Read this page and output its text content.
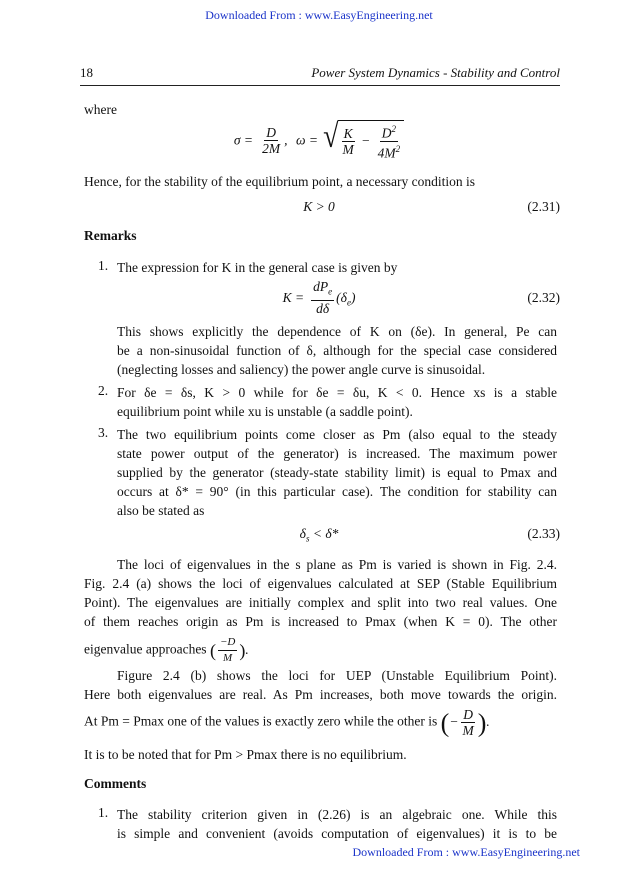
Downloaded From : www.EasyEngineering.net
18	Power System Dynamics - Stability and Control
where
$\sigma = \frac{D}{2M}$ ,  ω = √ $\frac{K}{M} - \frac{D^2}{4M^2}$
Hence, for the stability of the equilibrium point, a necessary condition is
K > 0	(2.31)
Remarks
1. The expression for K in the general case is given by
$K = \frac{dP_e}{d\delta} (\delta_e)$	(2.32)
This shows explicitly the dependence of K on (δe). In general, Pe can
be a non-sinusoidal function of δ, although for the special case considered
(neglecting losses and saliency) the power angle curve is sinusoidal.
2. For δe = δs, K > 0 while for δe = δu, K < 0. Hence xs is a stable
equilibrium point while xu is unstable (a saddle point).
3. The two equilibrium points come closer as Pm (also equal to the steady
state power output of the generator) is increased. The maximum power
supplied by the generator (steady-state stability limit) is equal to Pmax and
occurs at δ* = 90° (in this particular case). The condition for stability can
also be stated as
$\delta_s < \delta*$	(2.33)
The loci of eigenvalues in the s plane as Pm is varied is shown in Fig. 2.4.
Fig. 2.4 (a) shows the loci of eigenvalues calculated at SEP (Stable Equilibrium
Point). The eigenvalues are initially complex and split into two real values. One
of them reaches origin as Pm is increased to Pmax (when K = 0). The other
eigenvalue approaches ( $\frac{-D}{M}$ ).
Figure 2.4 (b) shows the loci for UEP (Unstable Equilibrium Point).
Here both eigenvalues are real. As Pm increases, both move towards the origin.
At Pm = Pmax one of the values is exactly zero while the other is (− $\frac{D}{M}$ ).
It is to be noted that for Pm > Pmax there is no equilibrium.
Comments
1. The stability criterion given in (2.26) is an algebraic one. While this
is simple and convenient (avoids computation of eigenvalues) it is to be
Downloaded From : www.EasyEngineering.net
